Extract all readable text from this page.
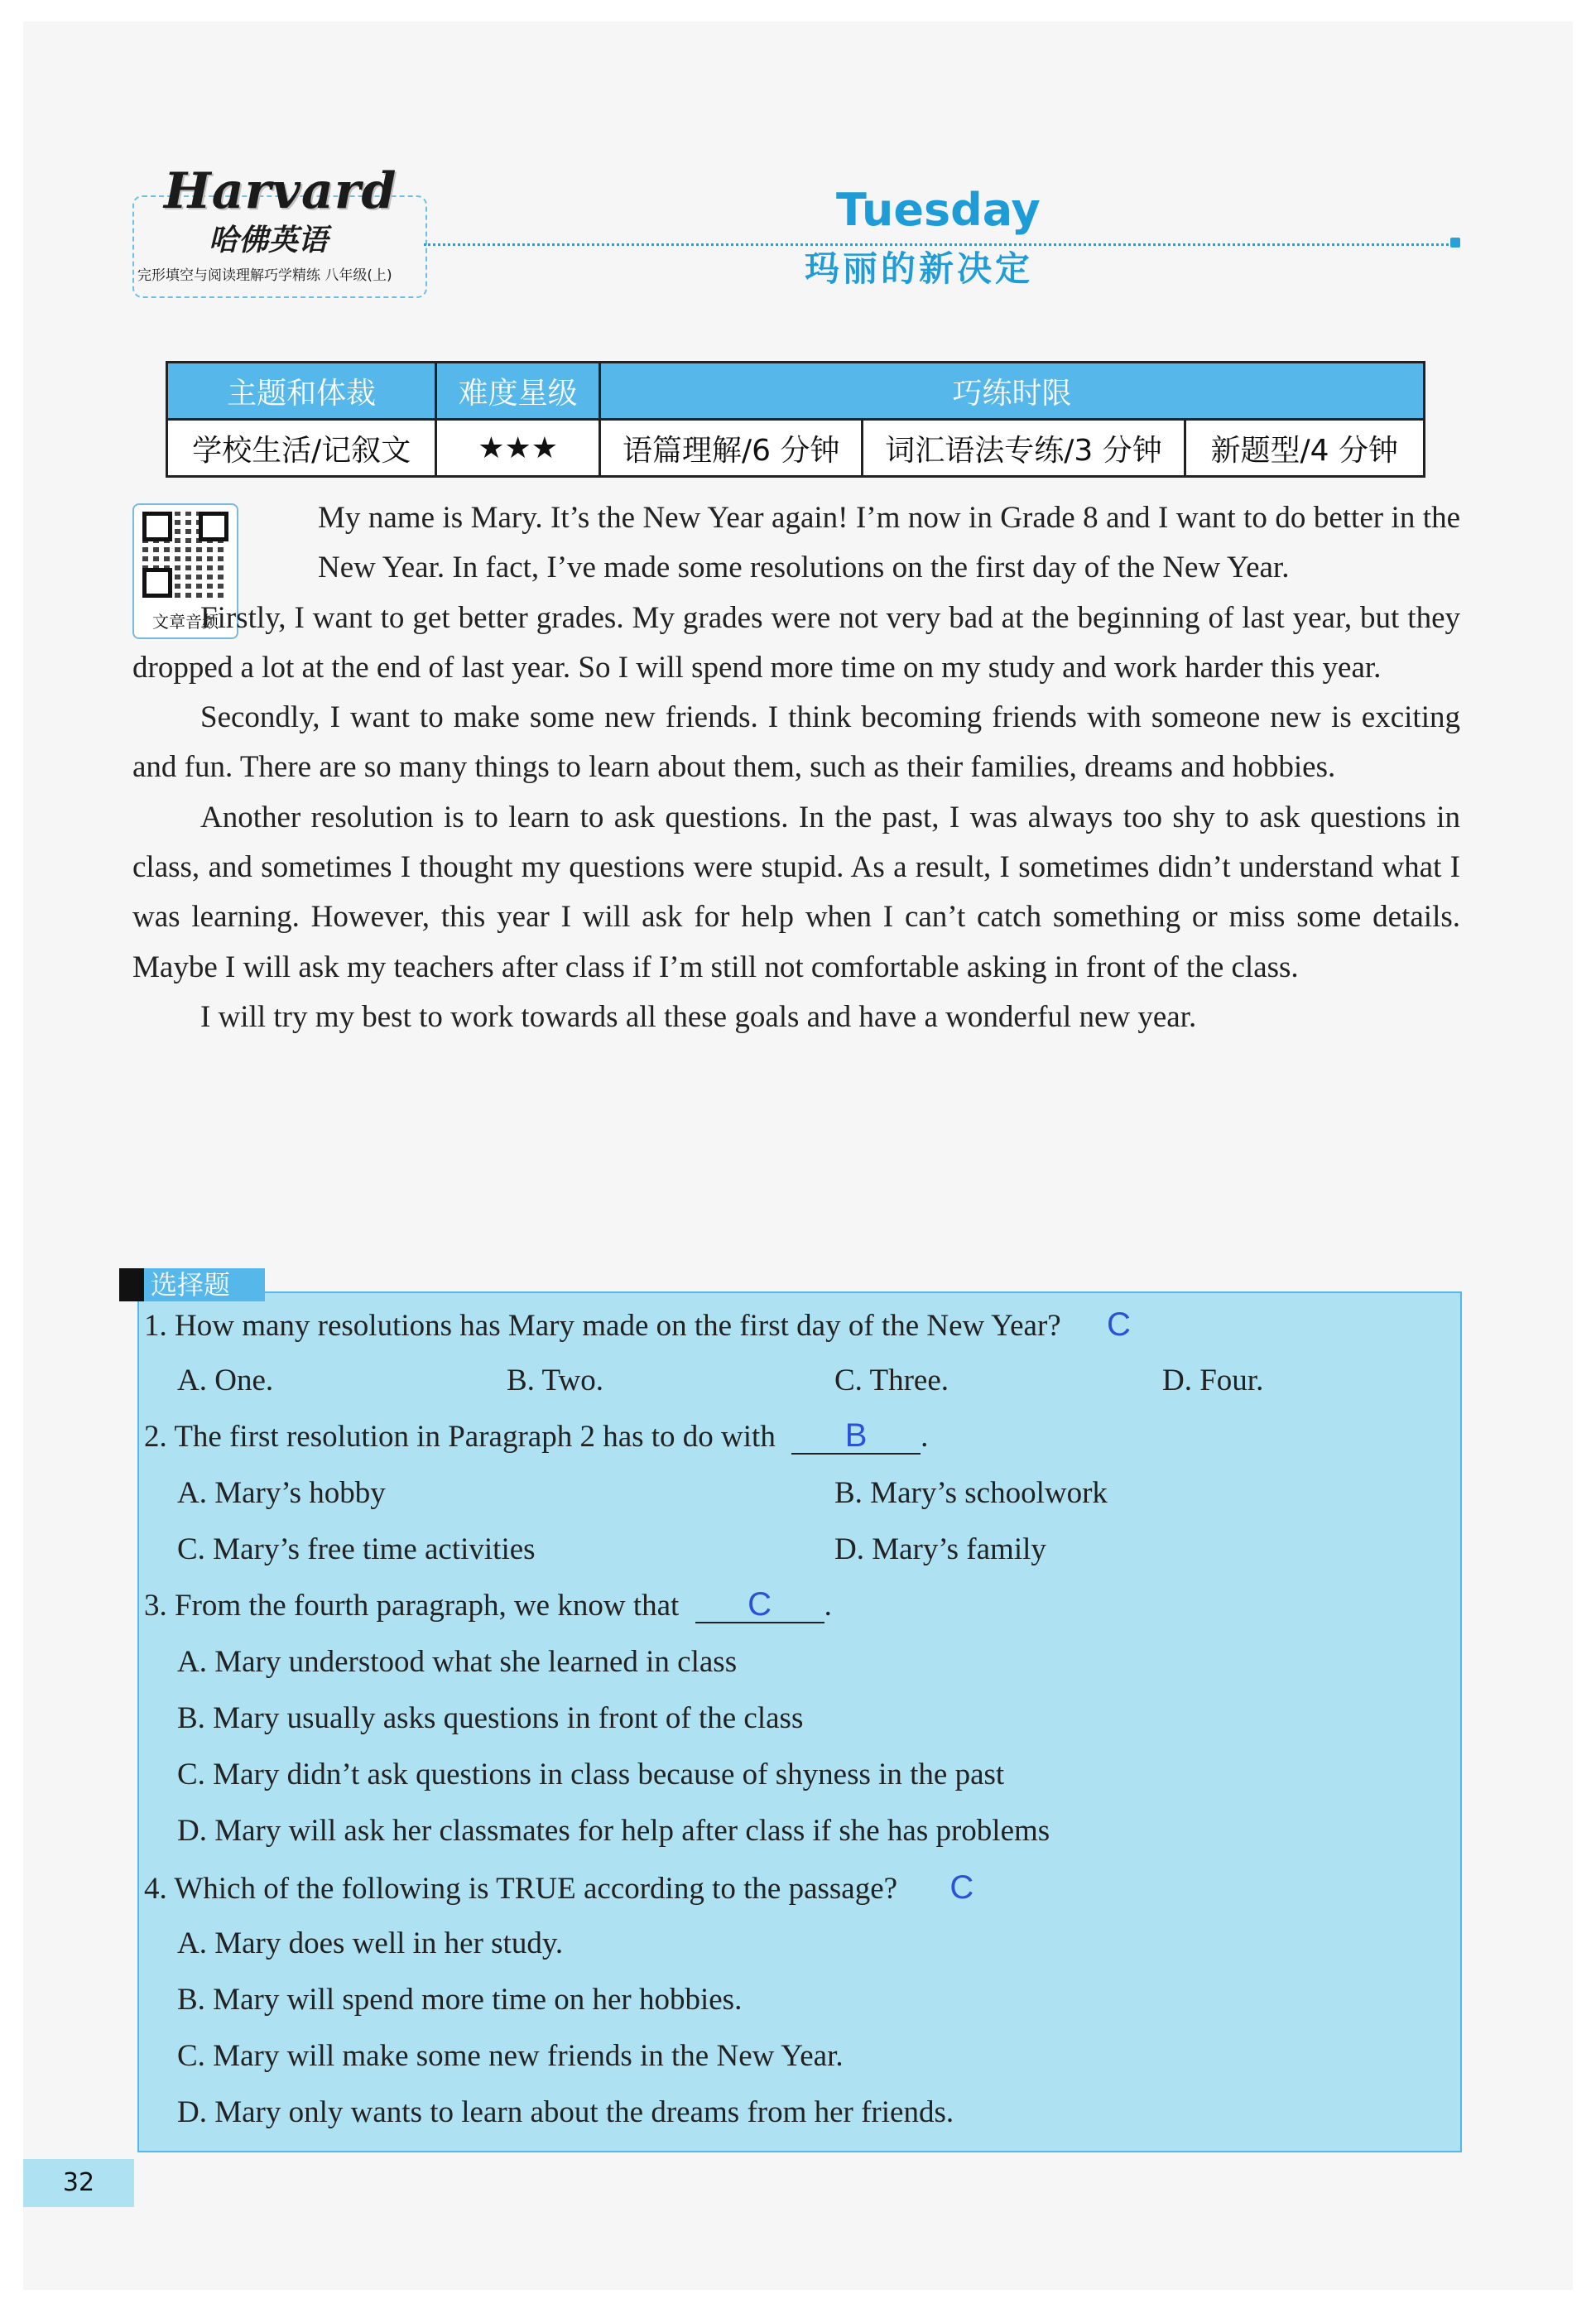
Harvard
哈佛英语
完形填空与阅读理解巧学精练 八年级(上)
Tuesday
玛丽的新决定
主题和体裁	难度星级	巧练时限		
学校生活/记叙文	★★★	语篇理解/6 分钟	词汇语法专练/3 分钟	新题型/4 分钟
文章音频

My name is Mary. It’s the New Year again! I’m now in Grade 8 and I want to do better in the New Year. In fact, I’ve made some resolutions on the first day of the New Year.

Firstly, I want to get better grades. My grades were not very bad at the beginning of last year, but they dropped a lot at the end of last year. So I will spend more time on my study and work harder this year.

Secondly, I want to make some new friends. I think becoming friends with someone new is exciting and fun. There are so many things to learn about them, such as their families, dreams and hobbies.

Another resolution is to learn to ask questions. In the past, I was always too shy to ask questions in class, and sometimes I thought my questions were stupid. As a result, I sometimes didn’t understand what I was learning. However, this year I will ask for help when I can’t catch something or miss some details. Maybe I will ask my teachers after class if I’m still not comfortable asking in front of the class.

I will try my best to work towards all these goals and have a wonderful new year.

选择题
1. How many resolutions has Mary made on the first day of the New Year? C
A. One.	B. Two.	C. Three.	D. Four.
2. The first resolution in Paragraph 2 has to do with B .
A. Mary’s hobby	B. Mary’s schoolwork
C. Mary’s free time activities	D. Mary’s family
3. From the fourth paragraph, we know that C .
A. Mary understood what she learned in class
B. Mary usually asks questions in front of the class
C. Mary didn’t ask questions in class because of shyness in the past
D. Mary will ask her classmates for help after class if she has problems
4. Which of the following is TRUE according to the passage? C
A. Mary does well in her study.
B. Mary will spend more time on her hobbies.
C. Mary will make some new friends in the New Year.
D. Mary only wants to learn about the dreams from her friends.
32
